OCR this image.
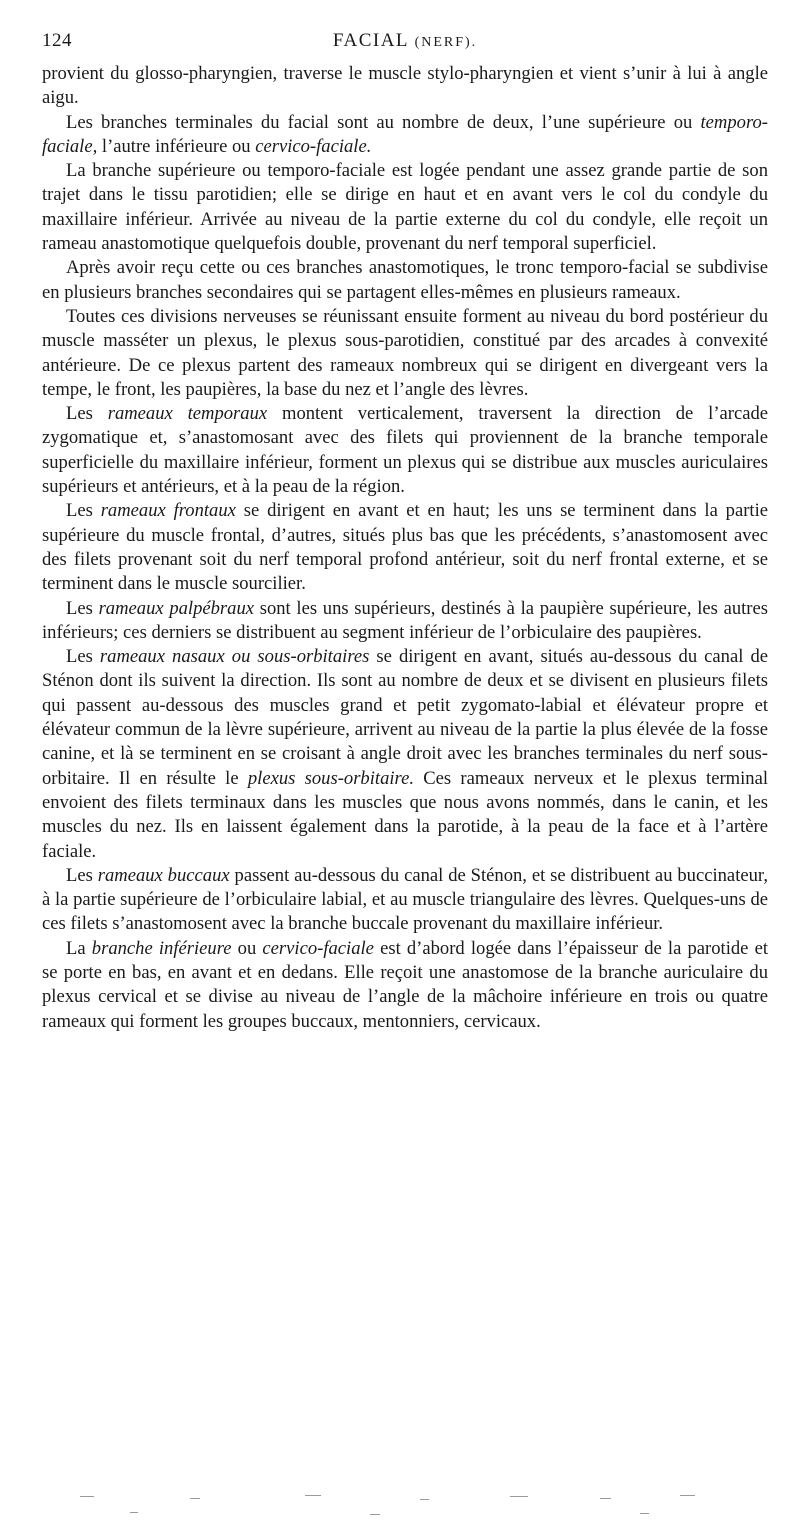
124	FACIAL (NERF).

provient du glosso-pharyngien, traverse le muscle stylo-pharyngien et vient s’unir à lui à angle aigu.

Les branches terminales du facial sont au nombre de deux, l’une supérieure ou temporo-faciale, l’autre inférieure ou cervico-faciale.

La branche supérieure ou temporo-faciale est logée pendant une assez grande partie de son trajet dans le tissu parotidien; elle se dirige en haut et en avant vers le col du condyle du maxillaire inférieur. Arrivée au niveau de la partie externe du col du condyle, elle reçoit un rameau anastomotique quelquefois double, provenant du nerf temporal superficiel.

Après avoir reçu cette ou ces branches anastomotiques, le tronc temporo-facial se subdivise en plusieurs branches secondaires qui se partagent elles-mêmes en plusieurs rameaux.

Toutes ces divisions nerveuses se réunissant ensuite forment au niveau du bord postérieur du muscle masséter un plexus, le plexus sous-parotidien, constitué par des arcades à convexité antérieure. De ce plexus partent des rameaux nombreux qui se dirigent en divergeant vers la tempe, le front, les paupières, la base du nez et l’angle des lèvres.

Les rameaux temporaux montent verticalement, traversent la direction de l’arcade zygomatique et, s’anastomosant avec des filets qui proviennent de la branche temporale superficielle du maxillaire inférieur, forment un plexus qui se distribue aux muscles auriculaires supérieurs et antérieurs, et à la peau de la région.

Les rameaux frontaux se dirigent en avant et en haut; les uns se terminent dans la partie supérieure du muscle frontal, d’autres, situés plus bas que les précédents, s’anastomosent avec des filets provenant soit du nerf temporal profond antérieur, soit du nerf frontal externe, et se terminent dans le muscle sourcilier.

Les rameaux palpébraux sont les uns supérieurs, destinés à la paupière supérieure, les autres inférieurs; ces derniers se distribuent au segment inférieur de l’orbiculaire des paupières.

Les rameaux nasaux ou sous-orbitaires se dirigent en avant, situés au-dessous du canal de Sténon dont ils suivent la direction. Ils sont au nombre de deux et se divisent en plusieurs filets qui passent au-dessous des muscles grand et petit zygomato-labial et élévateur propre et élévateur commun de la lèvre supérieure, arrivent au niveau de la partie la plus élevée de la fosse canine, et là se terminent en se croisant à angle droit avec les branches terminales du nerf sous-orbitaire. Il en résulte le plexus sous-orbitaire. Ces rameaux nerveux et le plexus terminal envoient des filets terminaux dans les muscles que nous avons nommés, dans le canin, et les muscles du nez. Ils en laissent également dans la parotide, à la peau de la face et à l’artère faciale.

Les rameaux buccaux passent au-dessous du canal de Sténon, et se distribuent au buccinateur, à la partie supérieure de l’orbiculaire labial, et au muscle triangulaire des lèvres. Quelques-uns de ces filets s’anastomosent avec la branche buccale provenant du maxillaire inférieur.

La branche inférieure ou cervico-faciale est d’abord logée dans l’épaisseur de la parotide et se porte en bas, en avant et en dedans. Elle reçoit une anastomose de la branche auriculaire du plexus cervical et se divise au niveau de l’angle de la mâchoire inférieure en trois ou quatre rameaux qui forment les groupes buccaux, mentonniers, cervicaux.
